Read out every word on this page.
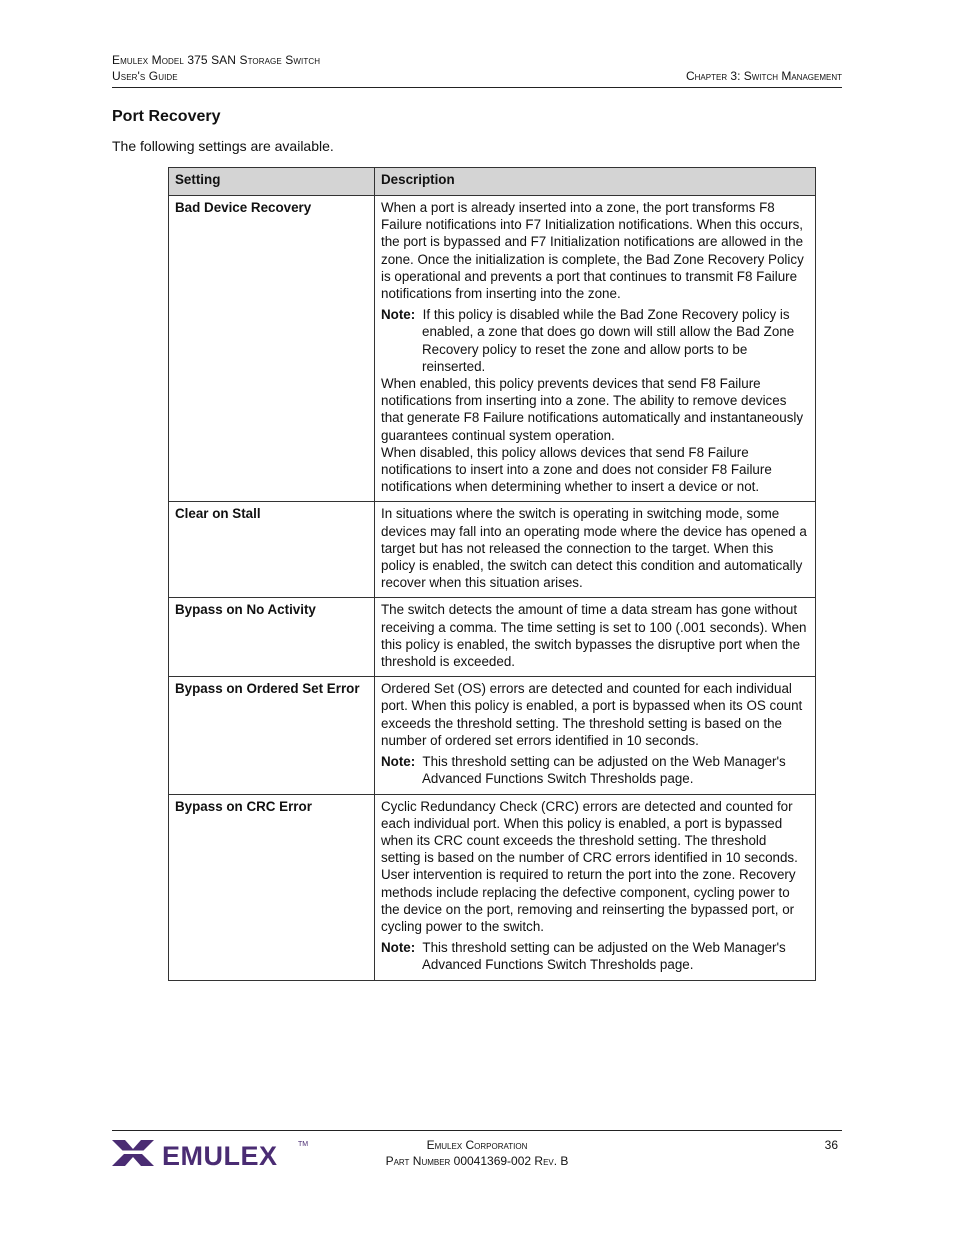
Emulex Model 375 SAN Storage Switch
User's Guide	Chapter 3: Switch Management
Port Recovery

The following settings are available.

Setting	Description
Bad Device Recovery	When a port is already inserted into a zone, the port transforms F8 Failure notifications into F7 Initialization notifications. When this occurs, the port is bypassed and F7 Initialization notifications are allowed in the zone. Once the initialization is complete, the Bad Zone Recovery Policy is operational and prevents a port that continues to transmit F8 Failure notifications from inserting into the zone.

Note: If this policy is disabled while the Bad Zone Recovery policy is enabled, a zone that does go down will still allow the Bad Zone Recovery policy to reset the zone and allow ports to be reinserted.

When enabled, this policy prevents devices that send F8 Failure notifications from inserting into a zone. The ability to remove devices that generate F8 Failure notifications automatically and instantaneously guarantees continual system operation.

When disabled, this policy allows devices that send F8 Failure notifications to insert into a zone and does not consider F8 Failure notifications when determining whether to insert a device or not.

Clear on Stall	In situations where the switch is operating in switching mode, some devices may fall into an operating mode where the device has opened a target but has not released the connection to the target. When this policy is enabled, the switch can detect this condition and automatically recover when this situation arises.

Bypass on No Activity	The switch detects the amount of time a data stream has gone without receiving a comma. The time setting is set to 100 (.001 seconds). When this policy is enabled, the switch bypasses the disruptive port when the threshold is exceeded.

Bypass on Ordered Set Error	Ordered Set (OS) errors are detected and counted for each individual port. When this policy is enabled, a port is bypassed when its OS count exceeds the threshold setting. The threshold setting is based on the number of ordered set errors identified in 10 seconds.

Note: This threshold setting can be adjusted on the Web Manager's Advanced Functions Switch Thresholds page.

Bypass on CRC Error	Cyclic Redundancy Check (CRC) errors are detected and counted for each individual port. When this policy is enabled, a port is bypassed when its CRC count exceeds the threshold setting. The threshold setting is based on the number of CRC errors identified in 10 seconds.

User intervention is required to return the port into the zone. Recovery methods include replacing the defective component, cycling power to the device on the port, removing and reinserting the bypassed port, or cycling power to the switch.

Note: This threshold setting can be adjusted on the Web Manager's Advanced Functions Switch Thresholds page.

EMULEX	TM	Emulex Corporation
Part Number 00041369-002 Rev. B
36
